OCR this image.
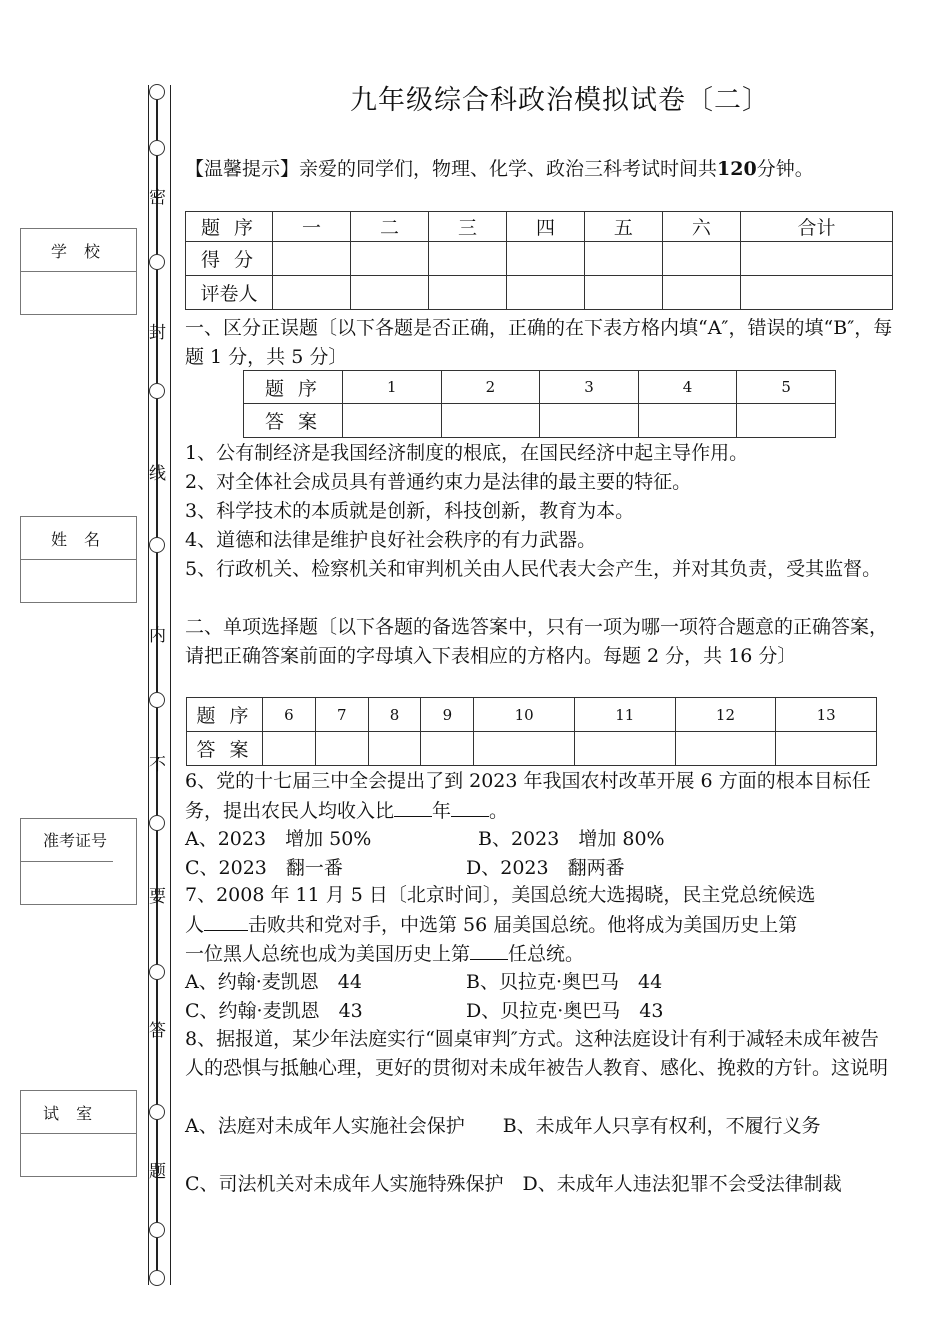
密
封
线
内
不
要
答
题
学 校
姓 名
准考证号
试 室
九年级综合科政治模拟试卷〔二〕
【温馨提示】亲爱的同学们，物理、化学、政治三科考试时间共120分钟。
题 序	一	二	三	四	五	六	合计
得 分							
评卷人							
一、区分正误题〔以下各题是否正确，正确的在下表方格内填“A″，错误的填“B″，每题 1 分，共 5 分〕
题 序	1	2	3	4	5
答 案					
1、公有制经济是我国经济制度的根底，在国民经济中起主导作用。
2、对全体社会成员具有普通约束力是法律的最主要的特征。
3、科学技术的本质就是创新，科技创新，教育为本。
4、道德和法律是维护良好社会秩序的有力武器。
5、行政机关、检察机关和审判机关由人民代表大会产生，并对其负责，受其监督。
二、单项选择题〔以下各题的备选答案中，只有一项为哪一项符合题意的正确答案，请把正确答案前面的字母填入下表相应的方格内。每题 2 分，共 16 分〕
题 序	6	7	8	9	10	11	12	13
答 案								
6、党的十七届三中全会提出了到 2023 年我国农村改革开展 6 方面的根本目标任务，提出农民人均收入比 年 。
A、2023　增加 50%	B、2023　增加 80%
C、2023　翻一番	D、2023　翻两番
7、2008 年 11 月 5 日〔北京时间〕，美国总统大选揭晓，民主党总统候选
人 击败共和党对手，中选第 56 届美国总统。他将成为美国历史上第
一位黑人总统也成为美国历史上第 任总统。
A、约翰·麦凯恩　44	B、贝拉克·奥巴马　44
C、约翰·麦凯恩　43	D、贝拉克·奥巴马　43
8、据报道，某少年法庭实行“圆桌审判″方式。这种法庭设计有利于减轻未成年被告人的恐惧与抵触心理，更好的贯彻对未成年被告人教育、感化、挽救的方针。这说明
A、法庭对未成年人实施社会保护　　B、未成年人只享有权利，不履行义务
C、司法机关对未成年人实施特殊保护　D、未成年人违法犯罪不会受法律制裁
